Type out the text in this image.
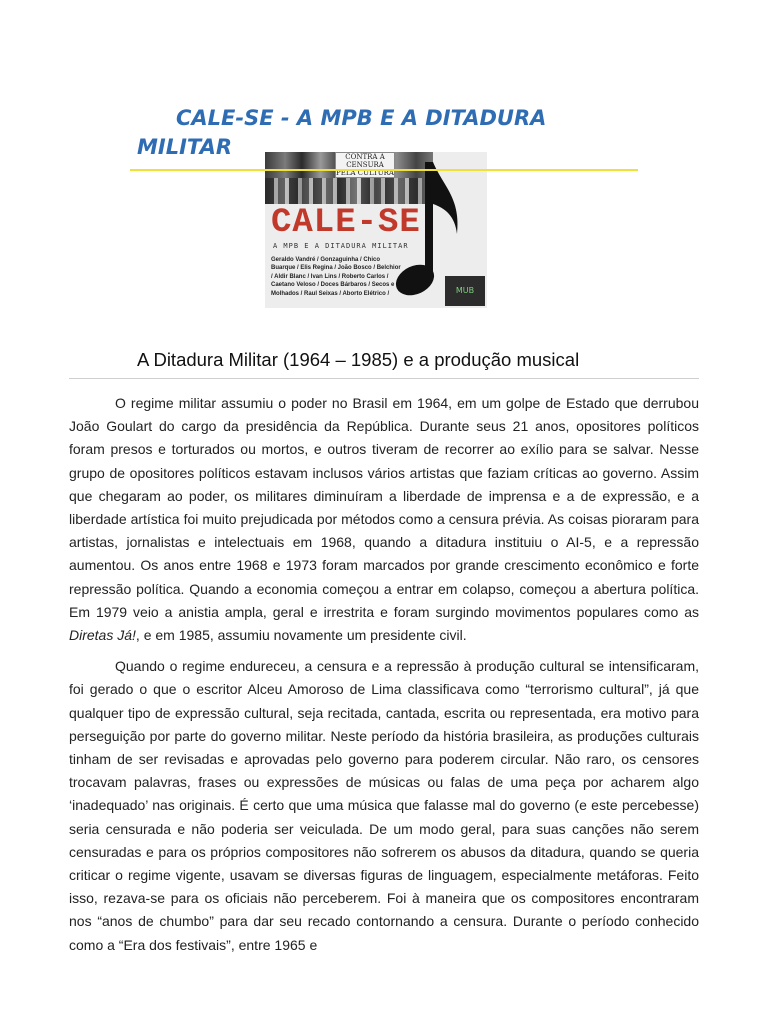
CALE-SE - A MPB E A DITADURA
MILITAR	CONTRA A CENSURA PELA CULTURA
CALE-SE
A MPB E A DITADURA MILITAR
Geraldo Vandré / Gonzaguinha / Chico Buarque / Elis Regina / João Bosco / Belchior / Aldir Blanc / Ivan Lins / Roberto Carlos / Caetano Veloso / Doces Bárbaros / Secos e Molhados / Raul Seixas / Aborto Elétrico /	MUB
A Ditadura Militar (1964 – 1985) e a produção musical

O regime militar assumiu o poder no Brasil em 1964, em um golpe de Estado que derrubou João Goulart do cargo da presidência da República. Durante seus 21 anos, opositores políticos foram presos e torturados ou mortos, e outros tiveram de recorrer ao exílio para se salvar. Nesse grupo de opositores políticos estavam inclusos vários artistas que faziam críticas ao governo. Assim que chegaram ao poder, os militares diminuíram a liberdade de imprensa e a de expressão, e a liberdade artística foi muito prejudicada por métodos como a censura prévia. As coisas pioraram para artistas, jornalistas e intelectuais em 1968, quando a ditadura instituiu o AI-5, e a repressão aumentou. Os anos entre 1968 e 1973 foram marcados por grande crescimento econômico e forte repressão política. Quando a economia começou a entrar em colapso, começou a abertura política. Em 1979 veio a anistia ampla, geral e irrestrita e foram surgindo movimentos populares como as Diretas Já!, e em 1985, assumiu novamente um presidente civil.

Quando o regime endureceu, a censura e a repressão à produção cultural se intensificaram, foi gerado o que o escritor Alceu Amoroso de Lima classificava como “terrorismo cultural”, já que qualquer tipo de expressão cultural, seja recitada, cantada, escrita ou representada, era motivo para perseguição por parte do governo militar. Neste período da história brasileira, as produções culturais tinham de ser revisadas e aprovadas pelo governo para poderem circular. Não raro, os censores trocavam palavras, frases ou expressões de músicas ou falas de uma peça por acharem algo ‘inadequado’ nas originais. É certo que uma música que falasse mal do governo (e este percebesse) seria censurada e não poderia ser veiculada. De um modo geral, para suas canções não serem censuradas e para os próprios compositores não sofrerem os abusos da ditadura, quando se queria criticar o regime vigente, usavam se diversas figuras de linguagem, especialmente metáforas. Feito isso, rezava-se para os oficiais não perceberem. Foi à maneira que os compositores encontraram nos “anos de chumbo” para dar seu recado contornando a censura. Durante o período conhecido como a “Era dos festivais”, entre 1965 e
